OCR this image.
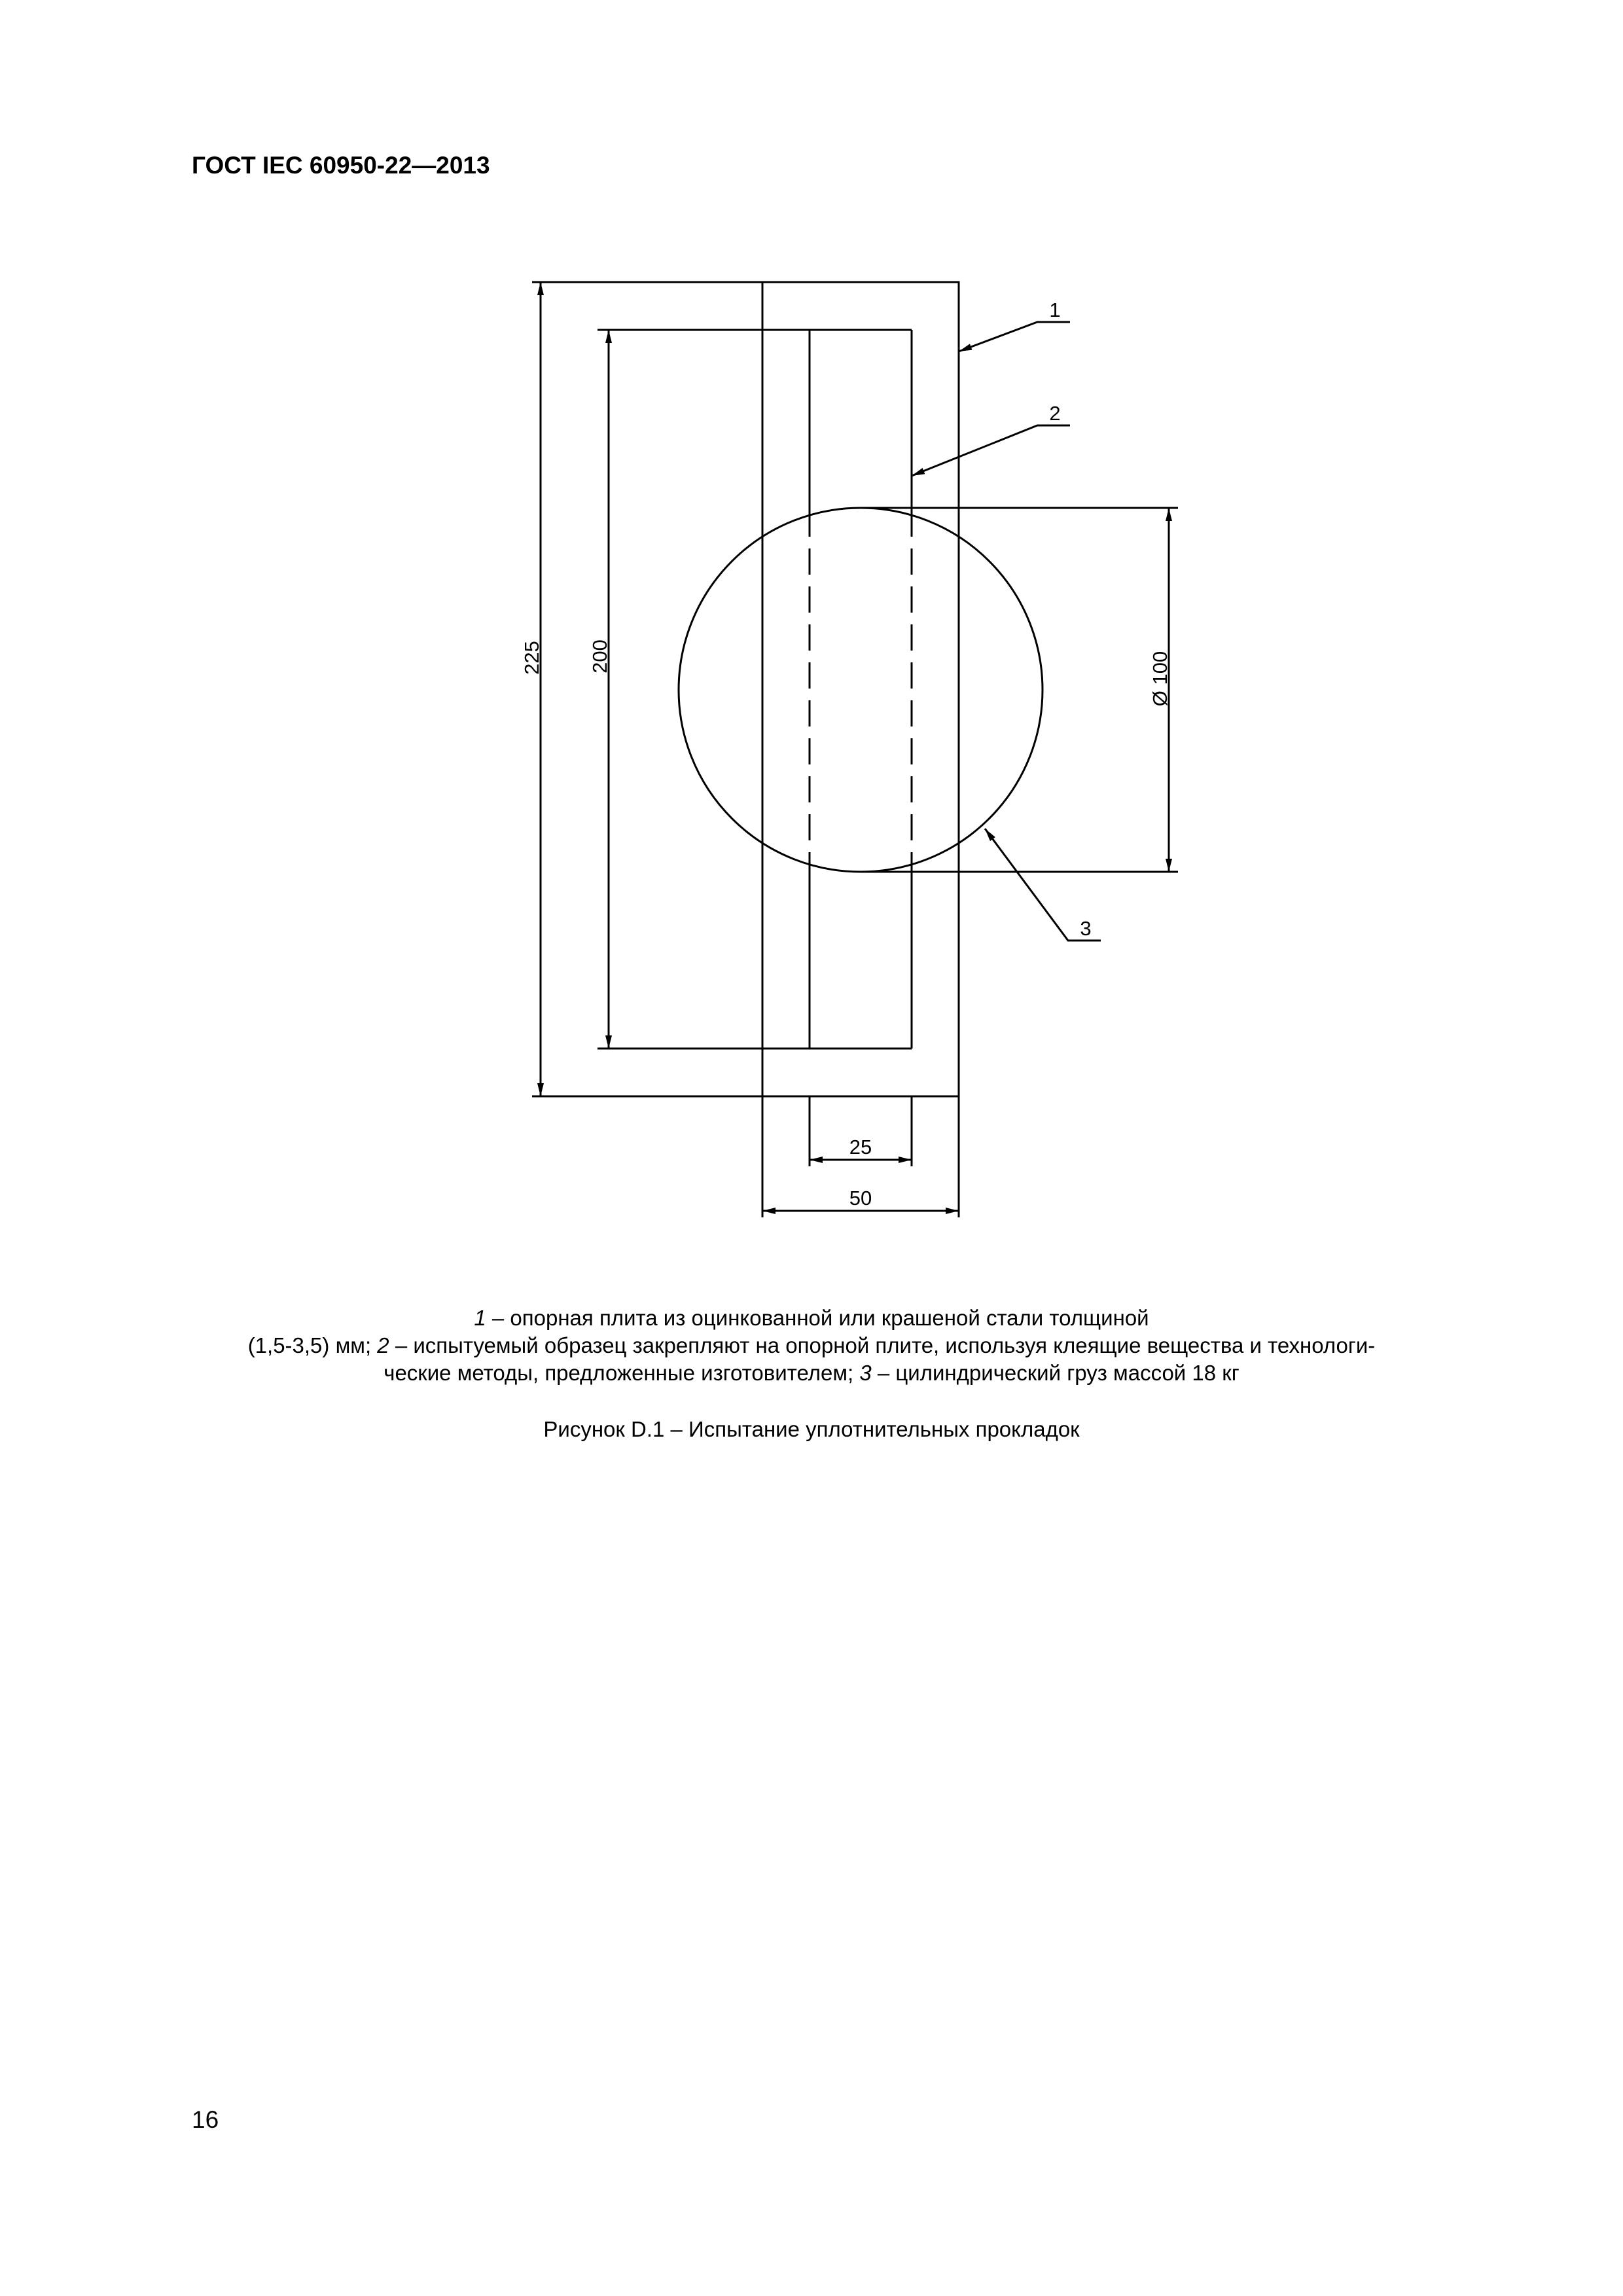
ГОСТ IEC 60950-22—2013
225 200	Ø 100
25
50
1
2
3
1 – опорная плита из оцинкованной или крашеной стали толщиной
(1,5-3,5) мм; 2 – испытуемый образец закрепляют на опорной плите, используя клеящие вещества и технологи-
ческие методы, предложенные изготовителем; 3 – цилиндрический груз массой 18 кг
Рисунок D.1 – Испытание уплотнительных прокладок
16
